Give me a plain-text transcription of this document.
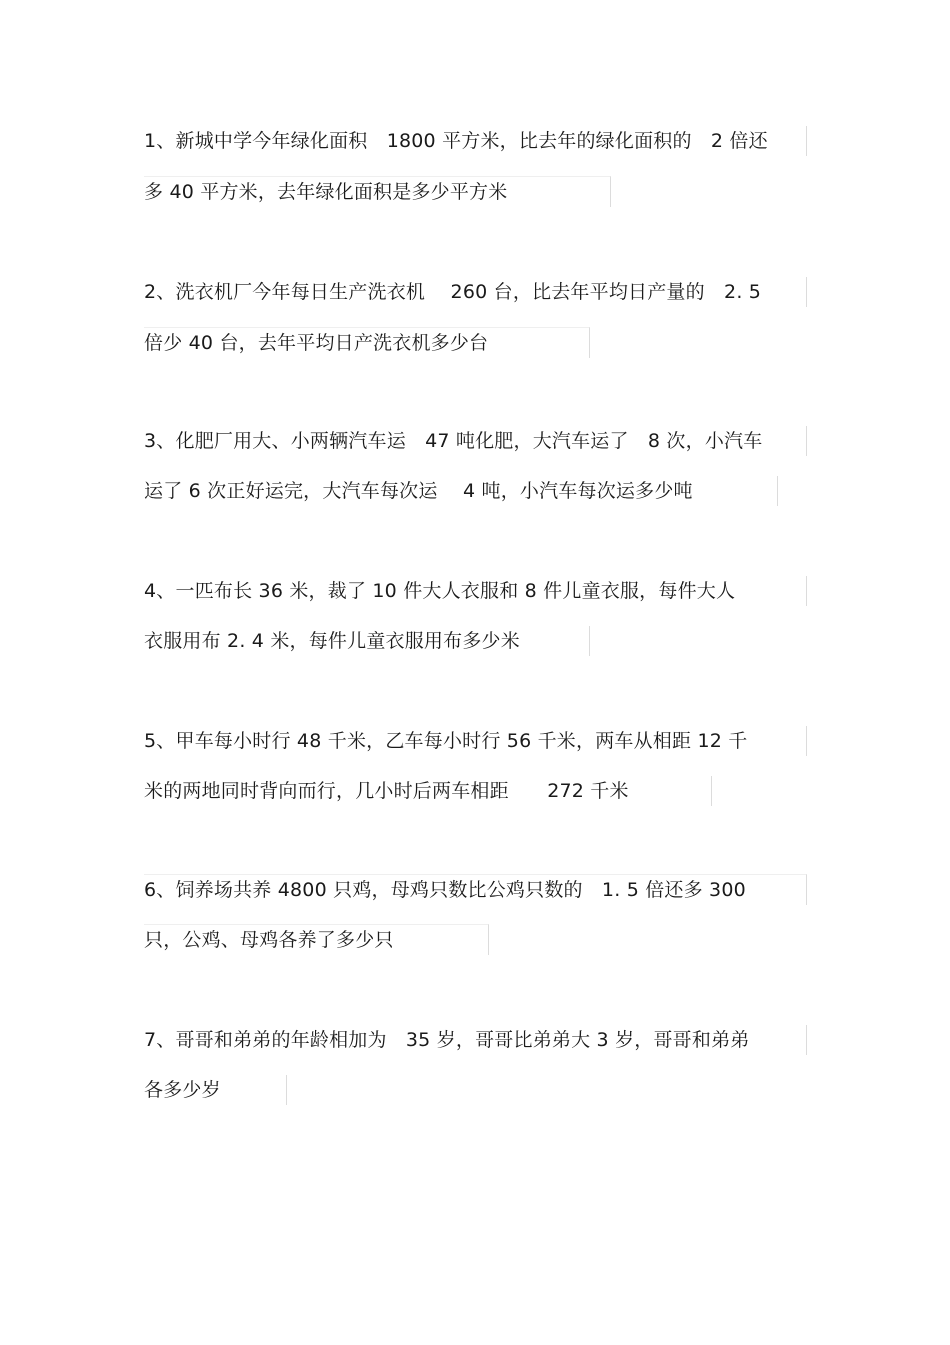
1、新城中学今年绿化面积　1800 平方米，比去年的绿化面积的　2 倍还
多 40 平方米，去年绿化面积是多少平方米
2、洗衣机厂今年每日生产洗衣机　 260 台，比去年平均日产量的　2. 5
倍少 40 台，去年平均日产洗衣机多少台
3、化肥厂用大、小两辆汽车运　47 吨化肥，大汽车运了　8 次，小汽车
运了 6 次正好运完，大汽车每次运　 4 吨，小汽车每次运多少吨
4、一匹布长 36 米，裁了 10 件大人衣服和 8 件儿童衣服，每件大人
衣服用布 2. 4 米，每件儿童衣服用布多少米
5、甲车每小时行 48 千米，乙车每小时行 56 千米，两车从相距 12 千
米的两地同时背向而行，几小时后两车相距　　272 千米
6、饲养场共养 4800 只鸡，母鸡只数比公鸡只数的　1. 5 倍还多 300
只，公鸡、母鸡各养了多少只
7、哥哥和弟弟的年龄相加为　35 岁，哥哥比弟弟大 3 岁，哥哥和弟弟
各多少岁
